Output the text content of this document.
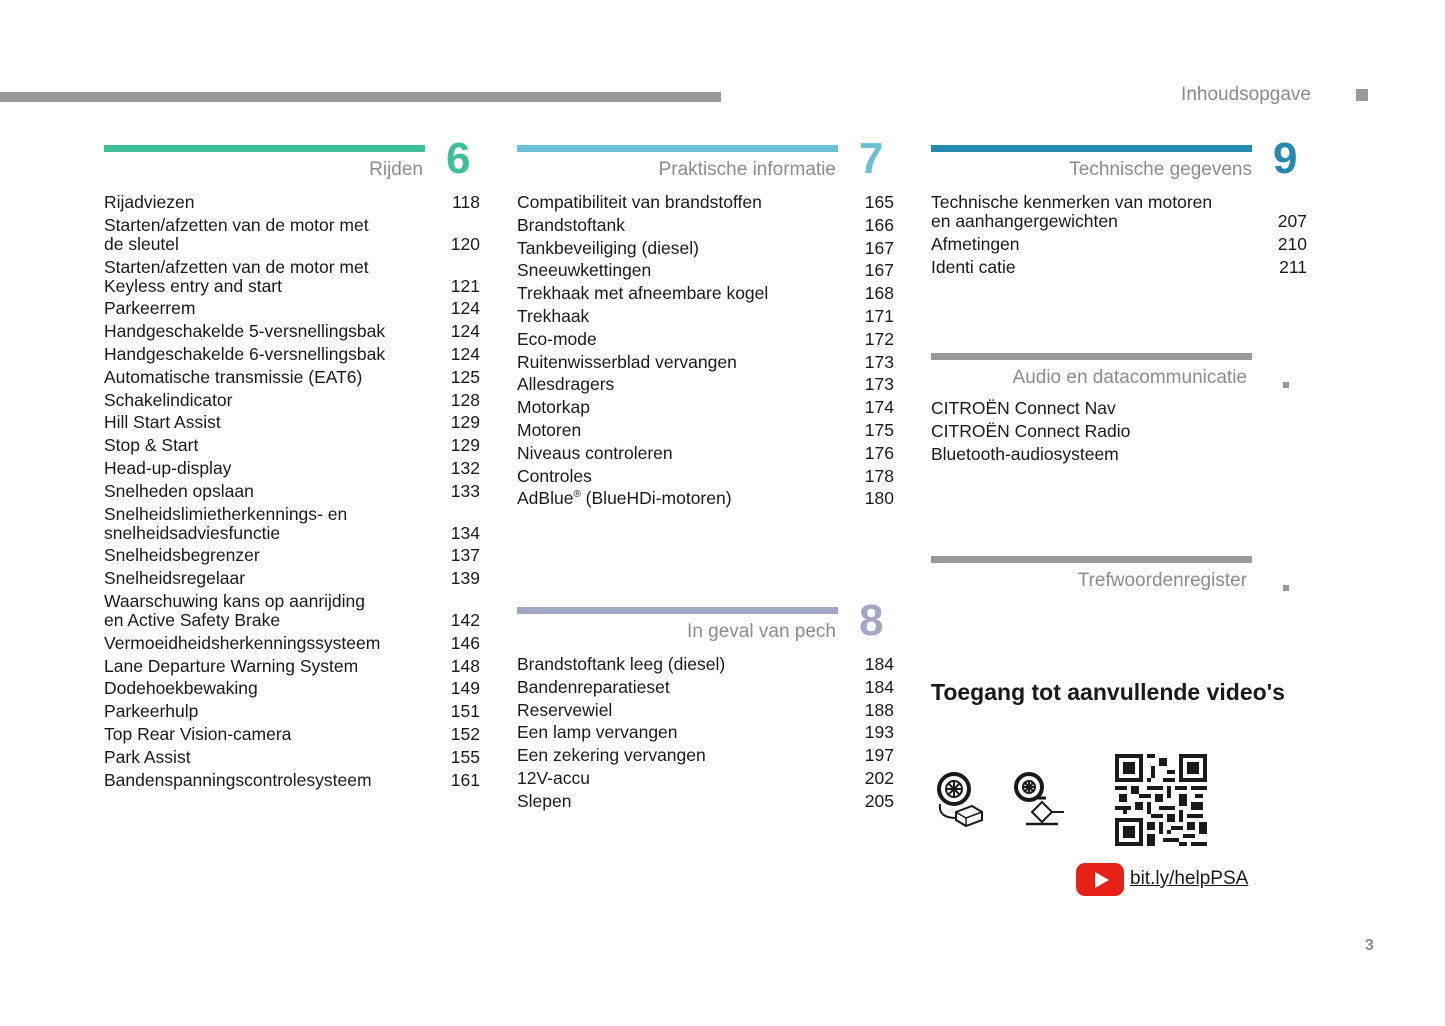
Inhoudsopgave
Rijden 6
Rijadviezen	118
Starten/afzetten van de motor met
de sleutel	120
Starten/afzetten van de motor met
Keyless entry and start	121
Parkeerrem	124
Handgeschakelde 5-versnellingsbak	124
Handgeschakelde 6-versnellingsbak	124
Automatische transmissie (EAT6)	125
Schakelindicator	128
Hill Start Assist	129
Stop & Start	129
Head-up-display	132
Snelheden opslaan	133
Snelheidslimietherkennings- en
snelheidsadviesfunctie	134
Snelheidsbegrenzer	137
Snelheidsregelaar	139
Waarschuwing kans op aanrijding
en Active Safety Brake	142
Vermoeidheidsherkenningssysteem	146
Lane Departure Warning System	148
Dodehoekbewaking	149
Parkeerhulp	151
Top Rear Vision-camera	152
Park Assist	155
Bandenspanningscontrolesysteem	161
Praktische informatie 7
Compatibiliteit van brandstoffen	165
Brandstoftank	166
Tankbeveiliging (diesel)	167
Sneeuwkettingen	167
Trekhaak met afneembare kogel	168
Trekhaak	171
Eco-mode	172
Ruitenwisserblad vervangen	173
Allesdragers	173
Motorkap	174
Motoren	175
Niveaus controleren	176
Controles	178
AdBlue® (BlueHDi-motoren)	180
In geval van pech 8
Brandstoftank leeg (diesel)	184
Bandenreparatieset	184
Reservewiel	188
Een lamp vervangen	193
Een zekering vervangen	197
12V-accu	202
Slepen	205
Technische gegevens 9
Technische kenmerken van motoren
en aanhangergewichten	207
Afmetingen	210
Identi catie	211
Audio en datacommunicatie
CITROËN Connect Nav
CITROËN Connect Radio
Bluetooth-audiosysteem
Trefwoordenregister
Toegang tot aanvullende video's
bit.ly/helpPSA
3
